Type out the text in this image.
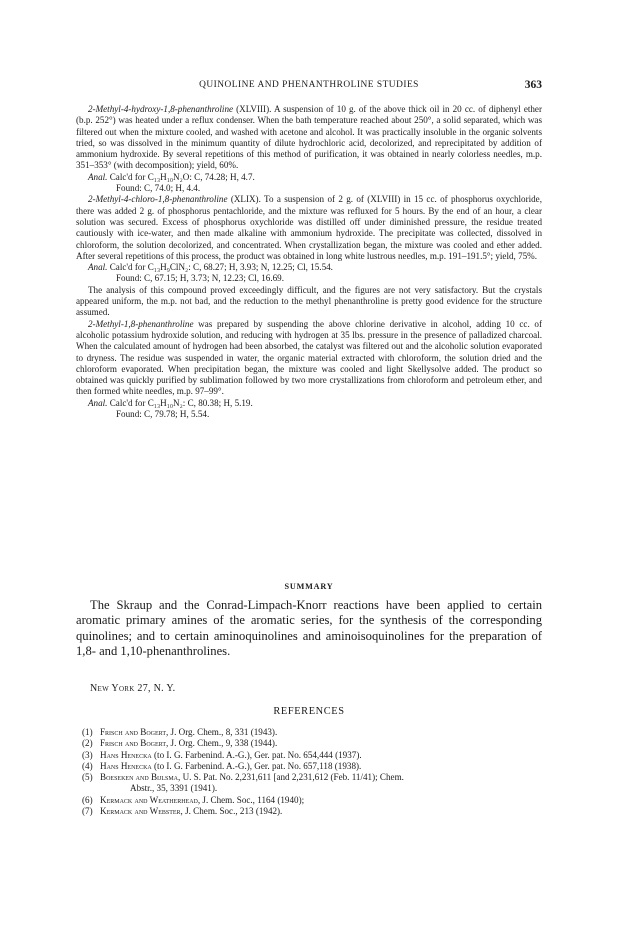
QUINOLINE AND PHENANTHROLINE STUDIES	363

2-Methyl-4-hydroxy-1,8-phenanthroline (XLVIII). A suspension of 10 g. of the above thick oil in 20 cc. of diphenyl ether (b.p. 252°) was heated under a reflux condenser. When the bath temperature reached about 250°, a solid separated, which was filtered out when the mixture cooled, and washed with acetone and alcohol. It was practically insoluble in the organic solvents tried, so was dissolved in the minimum quantity of dilute hydrochloric acid, decolorized, and reprecipitated by addition of ammonium hydroxide. By several repetitions of this method of purification, it was obtained in nearly colorless needles, m.p. 351–353° (with decomposition); yield, 60%.

Anal. Calc'd for C₁₃H₁₀N₂O: C, 74.28; H, 4.7.

Found: C, 74.0; H, 4.4.

2-Methyl-4-chloro-1,8-phenanthroline (XLIX). To a suspension of 2 g. of (XLVIII) in 15 cc. of phosphorus oxychloride, there was added 2 g. of phosphorus pentachloride, and the mixture was refluxed for 5 hours. By the end of an hour, a clear solution was secured. Excess of phosphorus oxychloride was distilled off under diminished pressure, the residue treated cautiously with ice-water, and then made alkaline with ammonium hydroxide. The precipitate was collected, dissolved in chloroform, the solution decolorized, and concentrated. When crystallization began, the mixture was cooled and ether added. After several repetitions of this process, the product was obtained in long white lustrous needles, m.p. 191–191.5°; yield, 75%.

Anal. Calc'd for C₁₃H₉ClN₂: C, 68.27; H, 3.93; N, 12.25; Cl, 15.54.

Found: C, 67.15; H, 3.73; N, 12.23; Cl, 16.69.

The analysis of this compound proved exceedingly difficult, and the figures are not very satisfactory. But the crystals appeared uniform, the m.p. not bad, and the reduction to the methyl phenanthroline is pretty good evidence for the structure assumed.

2-Methyl-1,8-phenanthroline was prepared by suspending the above chlorine derivative in alcohol, adding 10 cc. of alcoholic potassium hydroxide solution, and reducing with hydrogen at 35 lbs. pressure in the presence of palladized charcoal. When the calculated amount of hydrogen had been absorbed, the catalyst was filtered out and the alcoholic solution evaporated to dryness. The residue was suspended in water, the organic material extracted with chloroform, the solution dried and the chloroform evaporated. When precipitation began, the mixture was cooled and light Skellysolve added. The product so obtained was quickly purified by sublimation followed by two more crystallizations from chloroform and petroleum ether, and then formed white needles, m.p. 97–99°.

Anal. Calc'd for C₁₃H₁₀N₂: C, 80.38; H, 5.19.

Found: C, 79.78; H, 5.54.

SUMMARY

The Skraup and the Conrad-Limpach-Knorr reactions have been applied to certain aromatic primary amines of the aromatic series, for the synthesis of the corresponding quinolines; and to certain aminoquinolines and aminoisoquinolines for the preparation of 1,8- and 1,10-phenanthrolines.

New York 27, N. Y.
REFERENCES
(1) Frisch and Bogert, J. Org. Chem., 8, 331 (1943).
(2) Frisch and Bogert, J. Org. Chem., 9, 338 (1944).
(3) Hans Henecka (to I. G. Farbenind. A.-G.), Ger. pat. No. 654,444 (1937).
(4) Hans Henecka (to I. G. Farbenind. A.-G.), Ger. pat. No. 657,118 (1938).
(5) Boeseken and Bijlsma, U. S. Pat. No. 2,231,611 [and 2,231,612 (Feb. 11/41); Chem.
Abstr., 35, 3391 (1941).
(6) Kermack and Weatherhead, J. Chem. Soc., 1164 (1940);
(7) Kermack and Webster, J. Chem. Soc., 213 (1942).
